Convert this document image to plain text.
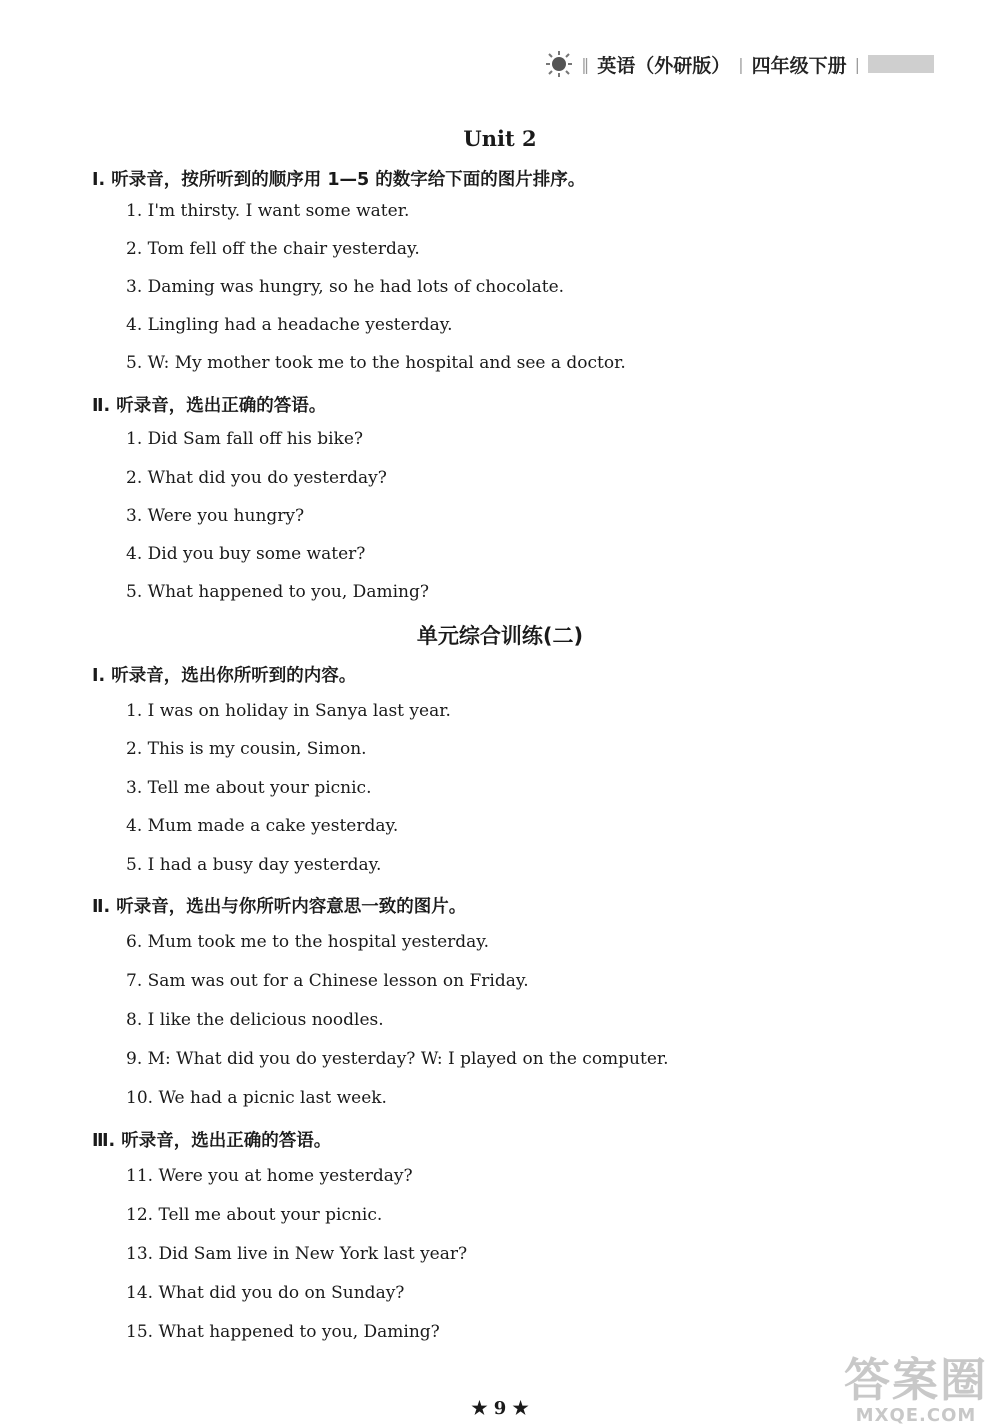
‖ 英语（外研版） | 四年级下册 |
Unit 2
Ⅰ. 听录音，按所听到的顺序用 1—5 的数字给下面的图片排序。
1. I'm thirsty. I want some water.
2. Tom fell off the chair yesterday.
3. Daming was hungry, so he had lots of chocolate.
4. Lingling had a headache yesterday.
5. W: My mother took me to the hospital and see a doctor.
Ⅱ. 听录音，选出正确的答语。
1. Did Sam fall off his bike?
2. What did you do yesterday?
3. Were you hungry?
4. Did you buy some water?
5. What happened to you, Daming?
单元综合训练(二)
Ⅰ. 听录音，选出你所听到的内容。
1. I was on holiday in Sanya last year.
2. This is my cousin, Simon.
3. Tell me about your picnic.
4. Mum made a cake yesterday.
5. I had a busy day yesterday.
Ⅱ. 听录音，选出与你所听内容意思一致的图片。
6. Mum took me to the hospital yesterday.
7. Sam was out for a Chinese lesson on Friday.
8. I like the delicious noodles.
9. M: What did you do yesterday? W: I played on the computer.
10. We had a picnic last week.
Ⅲ. 听录音，选出正确的答语。
11. Were you at home yesterday?
12. Tell me about your picnic.
13. Did Sam live in New York last year?
14. What did you do on Sunday?
15. What happened to you, Daming?
★ 9 ★
答案圈
MXQE.COM
